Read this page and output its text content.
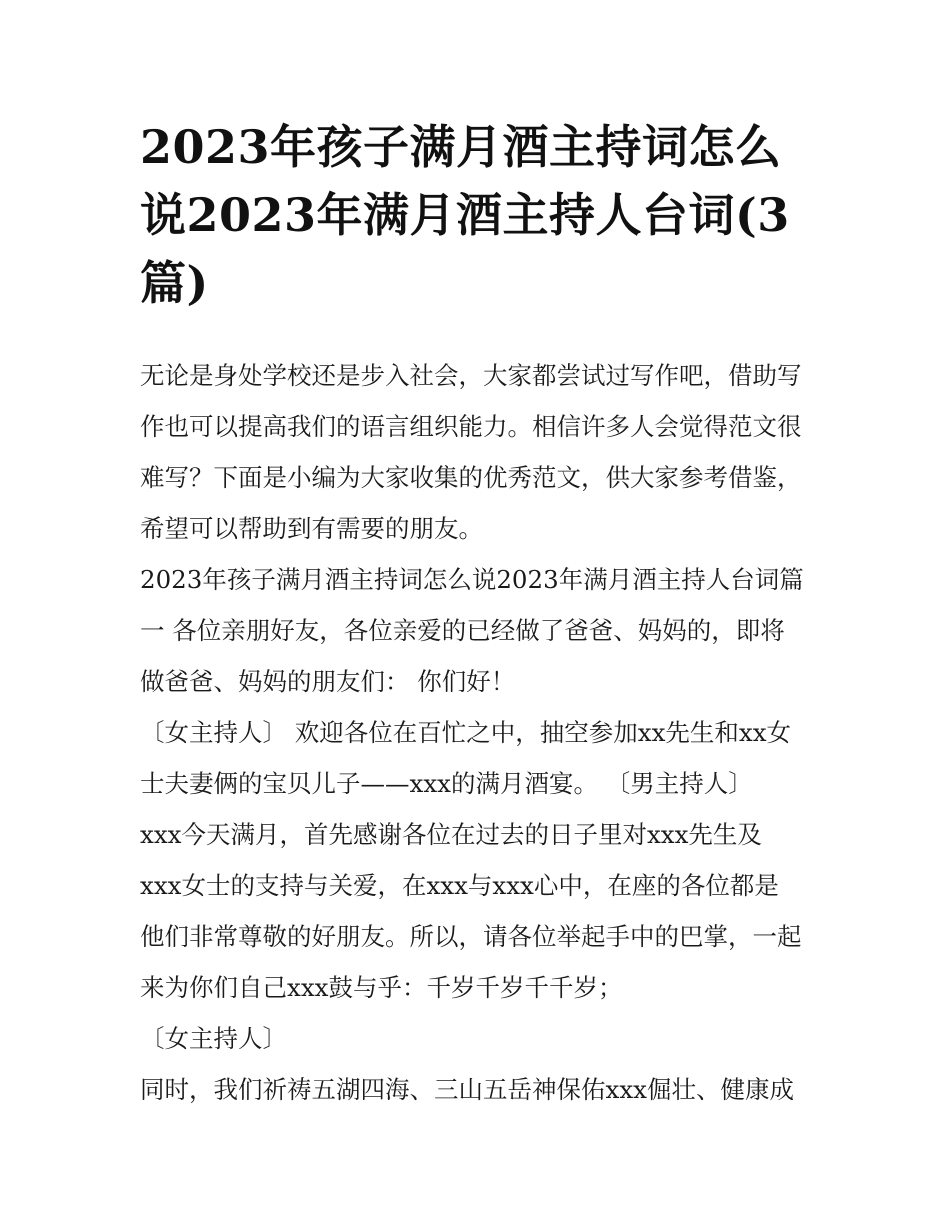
2023年孩子满月酒主持词怎么
说2023年满月酒主持人台词(3
篇)
无论是身处学校还是步入社会，大家都尝试过写作吧，借助写
作也可以提高我们的语言组织能力。相信许多人会觉得范文很
难写？下面是小编为大家收集的优秀范文，供大家参考借鉴，
希望可以帮助到有需要的朋友。
2023年孩子满月酒主持词怎么说2023年满月酒主持人台词篇
一 各位亲朋好友，各位亲爱的已经做了爸爸、妈妈的，即将
做爸爸、妈妈的朋友们： 你们好！
〔女主持人〕 欢迎各位在百忙之中，抽空参加xx先生和xx女
士夫妻俩的宝贝儿子——xxx的满月酒宴。 〔男主持人〕
xxx今天满月，首先感谢各位在过去的日子里对xxx先生及
xxx女士的支持与关爱，在xxx与xxx心中，在座的各位都是
他们非常尊敬的好朋友。所以，请各位举起手中的巴掌，一起
来为你们自己xxx鼓与乎：千岁千岁千千岁；
〔女主持人〕
同时，我们祈祷五湖四海、三山五岳神保佑xxx倔壮、健康成
